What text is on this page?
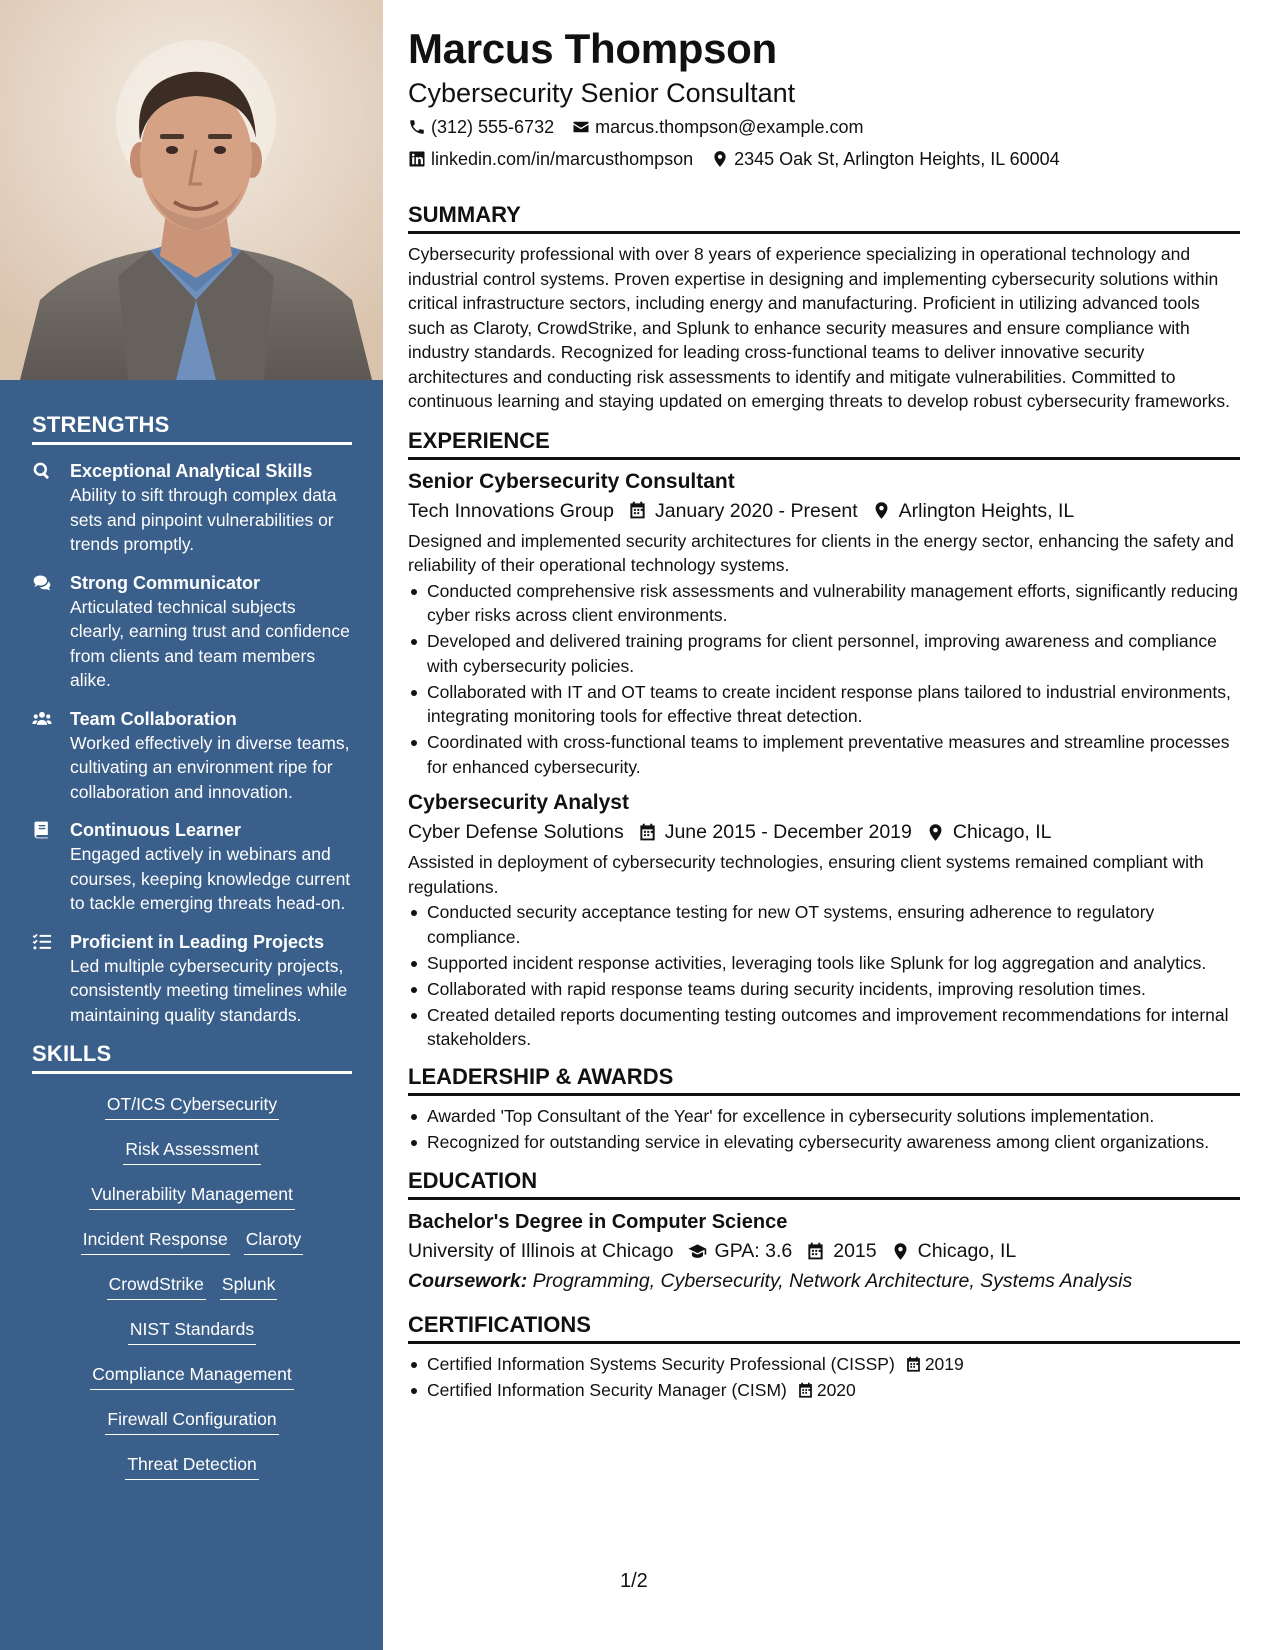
STRENGTHS
Exceptional Analytical Skills
Ability to sift through complex data sets and pinpoint vulnerabilities or trends promptly.
Strong Communicator
Articulated technical subjects clearly, earning trust and confidence from clients and team members alike.
Team Collaboration
Worked effectively in diverse teams, cultivating an environment ripe for collaboration and innovation.
Continuous Learner
Engaged actively in webinars and courses, keeping knowledge current to tackle emerging threats head-on.
Proficient in Leading Projects
Led multiple cybersecurity projects, consistently meeting timelines while maintaining quality standards.
SKILLS
OT/ICS Cybersecurity
Risk Assessment
Vulnerability Management
Incident Response Claroty
CrowdStrike Splunk
NIST Standards
Compliance Management
Firewall Configuration
Threat Detection
Marcus Thompson
Cybersecurity Senior Consultant
(312) 555-6732 marcus.thompson@example.com
linkedin.com/in/marcusthompson 2345 Oak St, Arlington Heights, IL 60004
SUMMARY
Cybersecurity professional with over 8 years of experience specializing in operational technology and industrial control systems. Proven expertise in designing and implementing cybersecurity solutions within critical infrastructure sectors, including energy and manufacturing. Proficient in utilizing advanced tools such as Claroty, CrowdStrike, and Splunk to enhance security measures and ensure compliance with industry standards. Recognized for leading cross-functional teams to deliver innovative security architectures and conducting risk assessments to identify and mitigate vulnerabilities. Committed to continuous learning and staying updated on emerging threats to develop robust cybersecurity frameworks.
EXPERIENCE
Senior Cybersecurity Consultant
Tech Innovations Group January 2020 - Present Arlington Heights, IL
Designed and implemented security architectures for clients in the energy sector, enhancing the safety and reliability of their operational technology systems.
Conducted comprehensive risk assessments and vulnerability management efforts, significantly reducing cyber risks across client environments.
Developed and delivered training programs for client personnel, improving awareness and compliance with cybersecurity policies.
Collaborated with IT and OT teams to create incident response plans tailored to industrial environments, integrating monitoring tools for effective threat detection.
Coordinated with cross-functional teams to implement preventative measures and streamline processes for enhanced cybersecurity.
Cybersecurity Analyst
Cyber Defense Solutions June 2015 - December 2019 Chicago, IL
Assisted in deployment of cybersecurity technologies, ensuring client systems remained compliant with regulations.
Conducted security acceptance testing for new OT systems, ensuring adherence to regulatory compliance.
Supported incident response activities, leveraging tools like Splunk for log aggregation and analytics.
Collaborated with rapid response teams during security incidents, improving resolution times.
Created detailed reports documenting testing outcomes and improvement recommendations for internal stakeholders.
LEADERSHIP & AWARDS
Awarded 'Top Consultant of the Year' for excellence in cybersecurity solutions implementation.
Recognized for outstanding service in elevating cybersecurity awareness among client organizations.
EDUCATION
Bachelor's Degree in Computer Science
University of Illinois at Chicago GPA: 3.6 2015 Chicago, IL
Coursework: Programming, Cybersecurity, Network Architecture, Systems Analysis
CERTIFICATIONS
Certified Information Systems Security Professional (CISSP) 2019
Certified Information Security Manager (CISM) 2020
1/2
